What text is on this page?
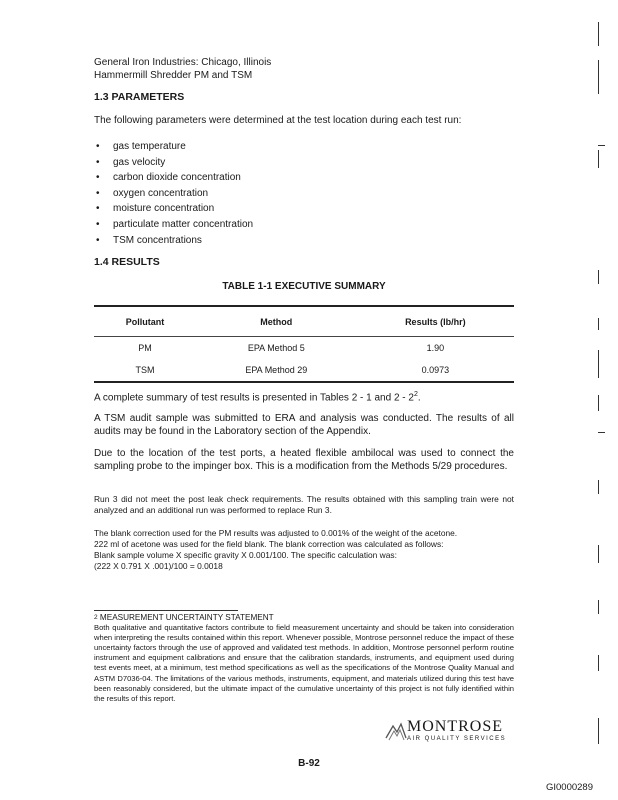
General Iron Industries: Chicago, Illinois
Hammermill Shredder PM and TSM
1.3 PARAMETERS
The following parameters were determined at the test location during each test run:
• gas temperature
• gas velocity
• carbon dioxide concentration
• oxygen concentration
• moisture concentration
• particulate matter concentration
• TSM concentrations
1.4 RESULTS
TABLE 1-1 EXECUTIVE SUMMARY
Pollutant	Method	Results (lb/hr)
PM	EPA Method 5	1.90
TSM	EPA Method 29	0.0973
A complete summary of test results is presented in Tables 2 - 1 and $2 - 2^2$.
A TSM audit sample was submitted to ERA and analysis was conducted. The results of all audits may be found in the Laboratory section of the Appendix.
Due to the location of the test ports, a heated flexible ambilocal was used to connect the sampling probe to the impinger box. This is a modification from the Methods 5/29 procedures.
Run 3 did not meet the post leak check requirements. The results obtained with this sampling train were not analyzed and an additional run was performed to replace Run 3.
The blank correction used for the PM results was adjusted to 0.001% of the weight of the acetone.
222 ml of acetone was used for the field blank. The blank correction was calculated as follows:
Blank sample volume X specific gravity X 0.001/100. The specific calculation was:
(222 X 0.791 X .001)/100 = 0.0018
$^2$ MEASUREMENT UNCERTAINTY STATEMENT
Both qualitative and quantitative factors contribute to field measurement uncertainty and should be taken into consideration when interpreting the results contained within this report. Whenever possible, Montrose personnel reduce the impact of these uncertainty factors through the use of approved and validated test methods. In addition, Montrose personnel perform routine instrument and equipment calibrations and ensure that the calibration standards, instruments, and equipment used during test events meet, at a minimum, test method specifications as well as the specifications of the Montrose Quality Manual and ASTM D7036-04. The limitations of the various methods, instruments, equipment, and materials utilized during this test have been reasonably considered, but the ultimate impact of the cumulative uncertainty of this project is not fully identified within the results of this report.
MONTROSE
AIR QUALITY SERVICES
B-92
GI0000289
